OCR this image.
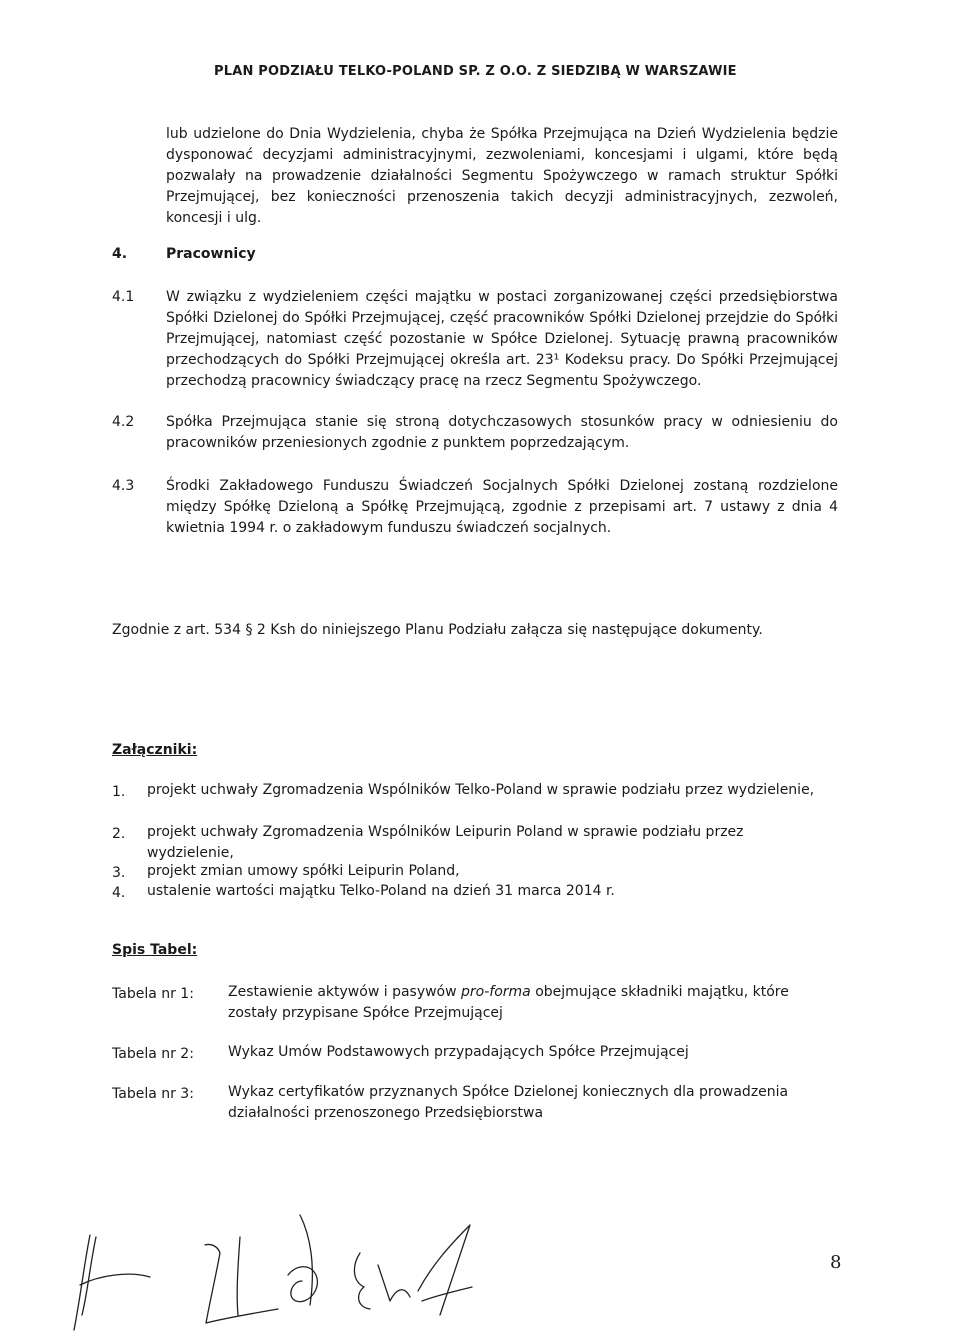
PLAN PODZIAŁU TELKO-POLAND SP. Z O.O. Z SIEDZIBĄ W WARSZAWIE
lub udzielone do Dnia Wydzielenia, chyba że Spółka Przejmująca na Dzień Wydzielenia będzie dysponować decyzjami administracyjnymi, zezwoleniami, koncesjami i ulgami, które będą pozwalały na prowadzenie działalności Segmentu Spożywczego w ramach struktur Spółki Przejmującej, bez konieczności przenoszenia takich decyzji administracyjnych, zezwoleń, koncesji i ulg.
4.	Pracownicy
4.1 W związku z wydzieleniem części majątku w postaci zorganizowanej części przedsiębiorstwa Spółki Dzielonej do Spółki Przejmującej, część pracowników Spółki Dzielonej przejdzie do Spółki Przejmującej, natomiast część pozostanie w Spółce Dzielonej. Sytuację prawną pracowników przechodzących do Spółki Przejmującej określa art. 23¹ Kodeksu pracy. Do Spółki Przejmującej przechodzą pracownicy świadczący pracę na rzecz Segmentu Spożywczego.
4.2 Spółka Przejmująca stanie się stroną dotychczasowych stosunków pracy w odniesieniu do pracowników przeniesionych zgodnie z punktem poprzedzającym.
4.3 Środki Zakładowego Funduszu Świadczeń Socjalnych Spółki Dzielonej zostaną rozdzielone między Spółkę Dzieloną a Spółkę Przejmującą, zgodnie z przepisami art. 7 ustawy z dnia 4 kwietnia 1994 r. o zakładowym funduszu świadczeń socjalnych.
Zgodnie z art. 534 § 2 Ksh do niniejszego Planu Podziału załącza się następujące dokumenty.
Załączniki:
1. projekt uchwały Zgromadzenia Wspólników Telko-Poland w sprawie podziału przez wydzielenie,
2. projekt uchwały Zgromadzenia Wspólników Leipurin Poland w sprawie podziału przez wydzielenie,
3. projekt zmian umowy spółki Leipurin Poland,
4. ustalenie wartości majątku Telko-Poland na dzień 31 marca 2014 r.
Spis Tabel:
Tabela nr 1: Zestawienie aktywów i pasywów pro-forma obejmujące składniki majątku, które zostały przypisane Spółce Przejmującej
Tabela nr 2: Wykaz Umów Podstawowych przypadających Spółce Przejmującej
Tabela nr 3: Wykaz certyfikatów przyznanych Spółce Dzielonej koniecznych dla prowadzenia działalności przenoszonego Przedsiębiorstwa
8
